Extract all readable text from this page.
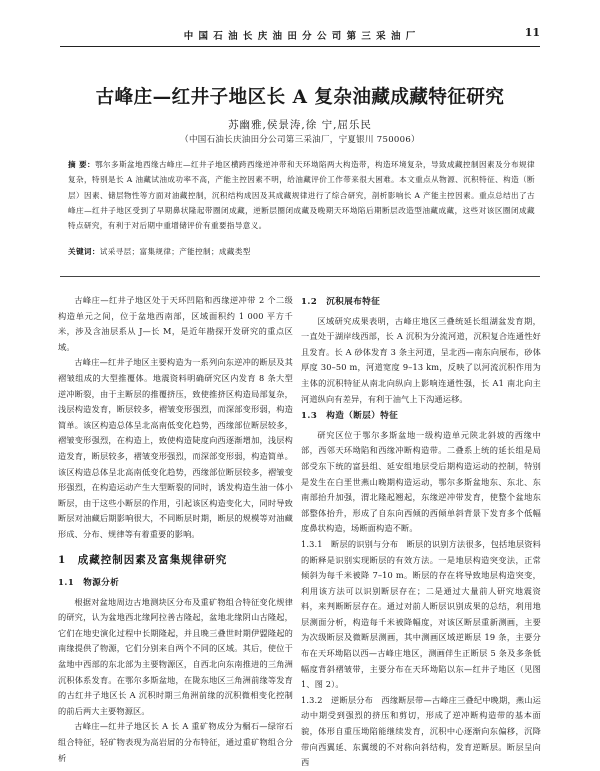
中 国 石 油 长 庆 油 田 分 公 司 第 三 采 油 厂	11
古峰庄—红井子地区长 A 复杂油藏成藏特征研究
苏幽雅,侯景涛,徐 宁,屈乐民
（中国石油长庆油田分公司第三采油厂，宁夏银川 750006）
摘 要：鄂尔多斯盆地西缘古峰庄—红井子地区横跨西缘逆冲带和天环坳陷两大构造带，构造环境复杂，导致成藏控制因素及分布规律复杂，特别是长 A 油藏试油成功率不高，产能主控因素不明，给油藏评价工作带来很大困难。本文重点从物源、沉积特征、构造（断层）因素、储层物性等方面对油藏控制，沉积结构成因及其成藏规律进行了综合研究，剖析影响长 A 产能主控因素。重点总结出了古峰庄—红井子地区受到了早期鼻状隆起带圈闭成藏，逆断层圈闭成藏及晚期天环坳陷后期断层改造型油藏成藏，这些对该区圈闭成藏特点研究，有利于对后期中重增储评价有重要指导意义。
关键词：试采寻层；富集规律；产能控制；成藏类型

古峰庄—红井子地区处于天环凹陷和西缘逆冲带 2 个二级构造单元之间，位于盆地西南部，区域面积约 1 000 平方千米，涉及含油层系从 J—长 M，是近年勘探开发研究的重点区域。

古峰庄—红井子地区主要构造为一系列向东逆冲的断层及其褶皱组成的大型推覆体。地震资料明确研究区内发育 8 条大型逆冲断裂，由于主断层的推覆挤压，致使推挤区构造局部复杂，浅层构造发育，断层较多，褶皱变形强烈，而深部变形弱，构造简单。该区构造总体呈北高南低变化趋势，西缘部位断层较多，褶皱变形强烈，在构造上，致使构造陡度向西逐渐增加，浅层构造发育，断层较多，褶皱变形强烈，而深部变形弱，构造简单。该区构造总体呈北高南低变化趋势，西缘部位断层较多，褶皱变形强烈，在构造运动产生大型断裂的同时，诱发构造生油一体小断层，由于这些小断层的作用，引起该区构造变化大，同时导致断层对油藏后期影响很大，不同断层时期，断层的规模等对油藏形成、分布、规律等有着重要的影响。

1　成藏控制因素及富集规律研究
1.1　物源分析

根据对盆地周边古地测块区分布及重矿物组合特征变化规律的研究，认为盆地西北缘阿拉善古隆起，盆地北缘阴山古隆起，它们在地史演化过程中长期隆起，并且晚三叠世时期伊盟隆起的南缘提供了物源，它们分别来自两个不同的区域。其后，使位于盆地中西部的东北部为主要物源区，自西北向东南推进的三角洲沉积体系发育。在鄂尔多斯盆地，在陇东地区三角洲前缘等发育的古红井子地区长 A 沉积时期三角洲前缘的沉积微相变化控制的前后两大主要物源区。

古峰庄—红井子地区长 A 长 A 重矿物成分为榍石—绿帘石组合特征，轻矿物表现为高岩屑的分布特征，通过重矿物组合分析

1.2　沉积展布特征

区域研究成果表明，古峰庄地区三叠统延长组湖盆发育期，一直处于湖岸线西部，长 A 沉积为分流河道，沉积复合连通性好且发育。长 A 砂体发育 3 条主河道，呈北西—南东向展布，砂体厚度 30–50 m，河道宽度 9–13 km，反映了以河流沉积作用为主体的沉积特征从南北向纵向上影响连通性强，长 A1 南北向主河道纵向有差异，有利于油气上下沟通运移。

1.3　构造（断层）特征

研究区位于鄂尔多斯盆地一级构造单元陕北斜坡的西缘中部，西邻天环坳陷和西缘冲断构造带。二叠系上统的延长组是局部受东下统的富县组、延安组地层受后期构造运动的控制，特别是发生在白垩世燕山晚期构造运动，鄂尔多斯盆地东、东北、东南部抬升加强，渭北隆起翘起，东缘逆冲带发育，使整个盆地东部整体抬升，形成了自东向西倾的西倾单斜背景下发育多个低幅度鼻状构造，场断面构造不断。

1.3.1　断层的识别与分布　断层的识别方法很多，包括地层资料的断释是识别实现断层的有效方法。一是地层构造突变法，正常倾斜为每千米被降 7–10 m。断层的存在将导致地层构造突变，利用该方法可以识别断层存在；二是通过大量前人研究地震资料，来判断断层存在。通过对前人断层识别成果的总结，利用地层测面分析，构造每千米被降幅度，对该区断层重新测画，主要为次级断层及微断层测画，其中测画区域逆断层 19 条，主要分布在天环坳陷以西—古峰庄地区，测画伴生正断层 5 条及多条低幅度背斜褶皱带，主要分布在天环坳陷以东—红井子地区（见图 1、图 2）。

1.3.2　逆断层分布　西缘断层带—古峰庄三叠纪中晚期，燕山运动中期受到强烈的挤压和剪切，形成了逆冲断构造带的基本面貌，体形自重压坳陷能继续发育，沉积中心逐渐向东偏移，沉降带向西翼延、东翼缓的不对称向斜结构，发育逆断层。断层呈向西
